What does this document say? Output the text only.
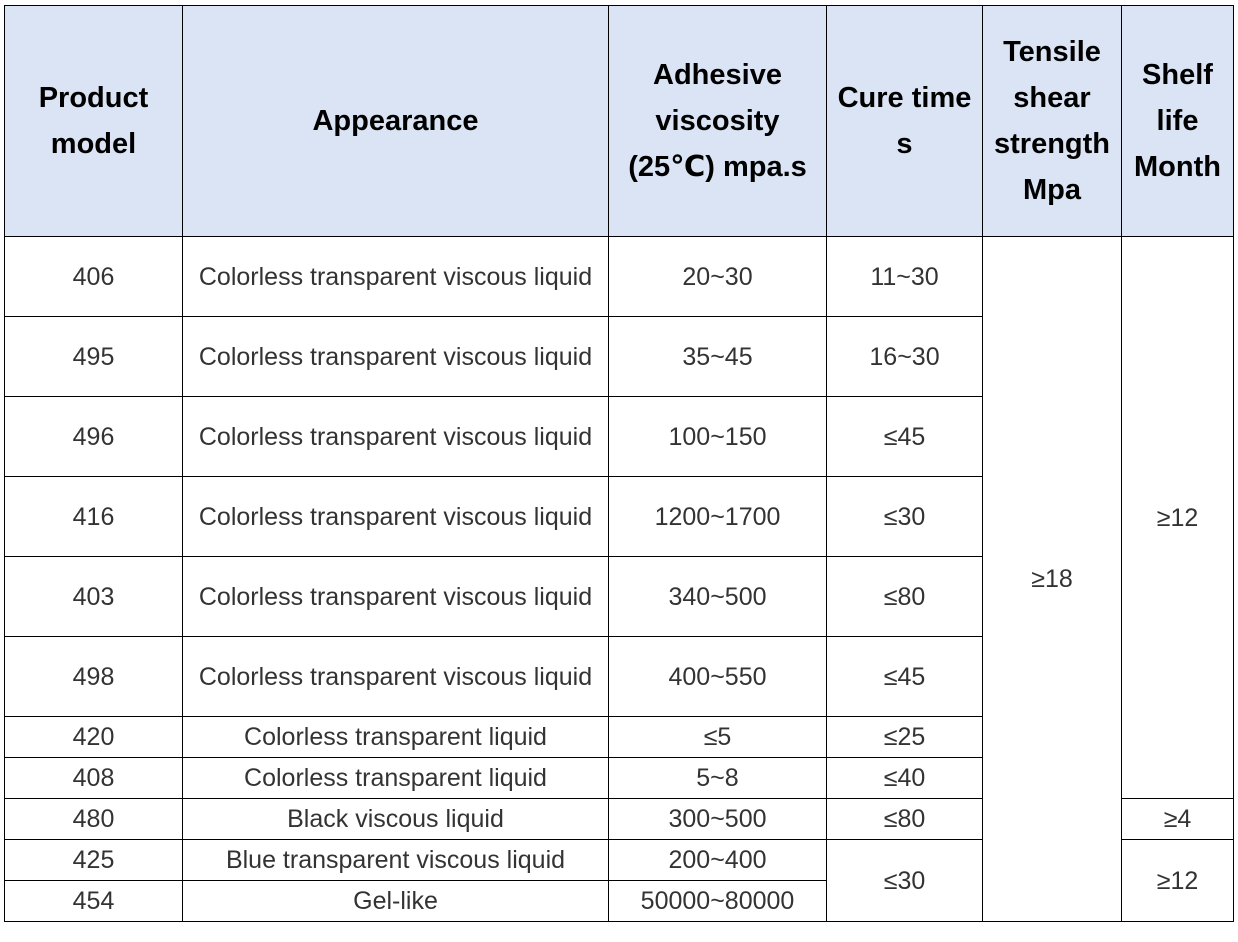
Product model	Appearance	Adhesive viscosity (25℃) mpa.s	Cure time s	Tensile shear strength Mpa	Shelf life Month
406	Colorless transparent viscous liquid	20~30	11~30	≥18	≥12
495	Colorless transparent viscous liquid	35~45	16~30		
496	Colorless transparent viscous liquid	100~150	≤45		
416	Colorless transparent viscous liquid	1200~1700	≤30		
403	Colorless transparent viscous liquid	340~500	≤80		
498	Colorless transparent viscous liquid	400~550	≤45		
420	Colorless transparent liquid	≤5	≤25		
408	Colorless transparent liquid	5~8	≤40		
480	Black viscous liquid	300~500	≤80		≥4
425	Blue transparent viscous liquid	200~400	≤30		≥12
454	Gel-like	50000~80000			
